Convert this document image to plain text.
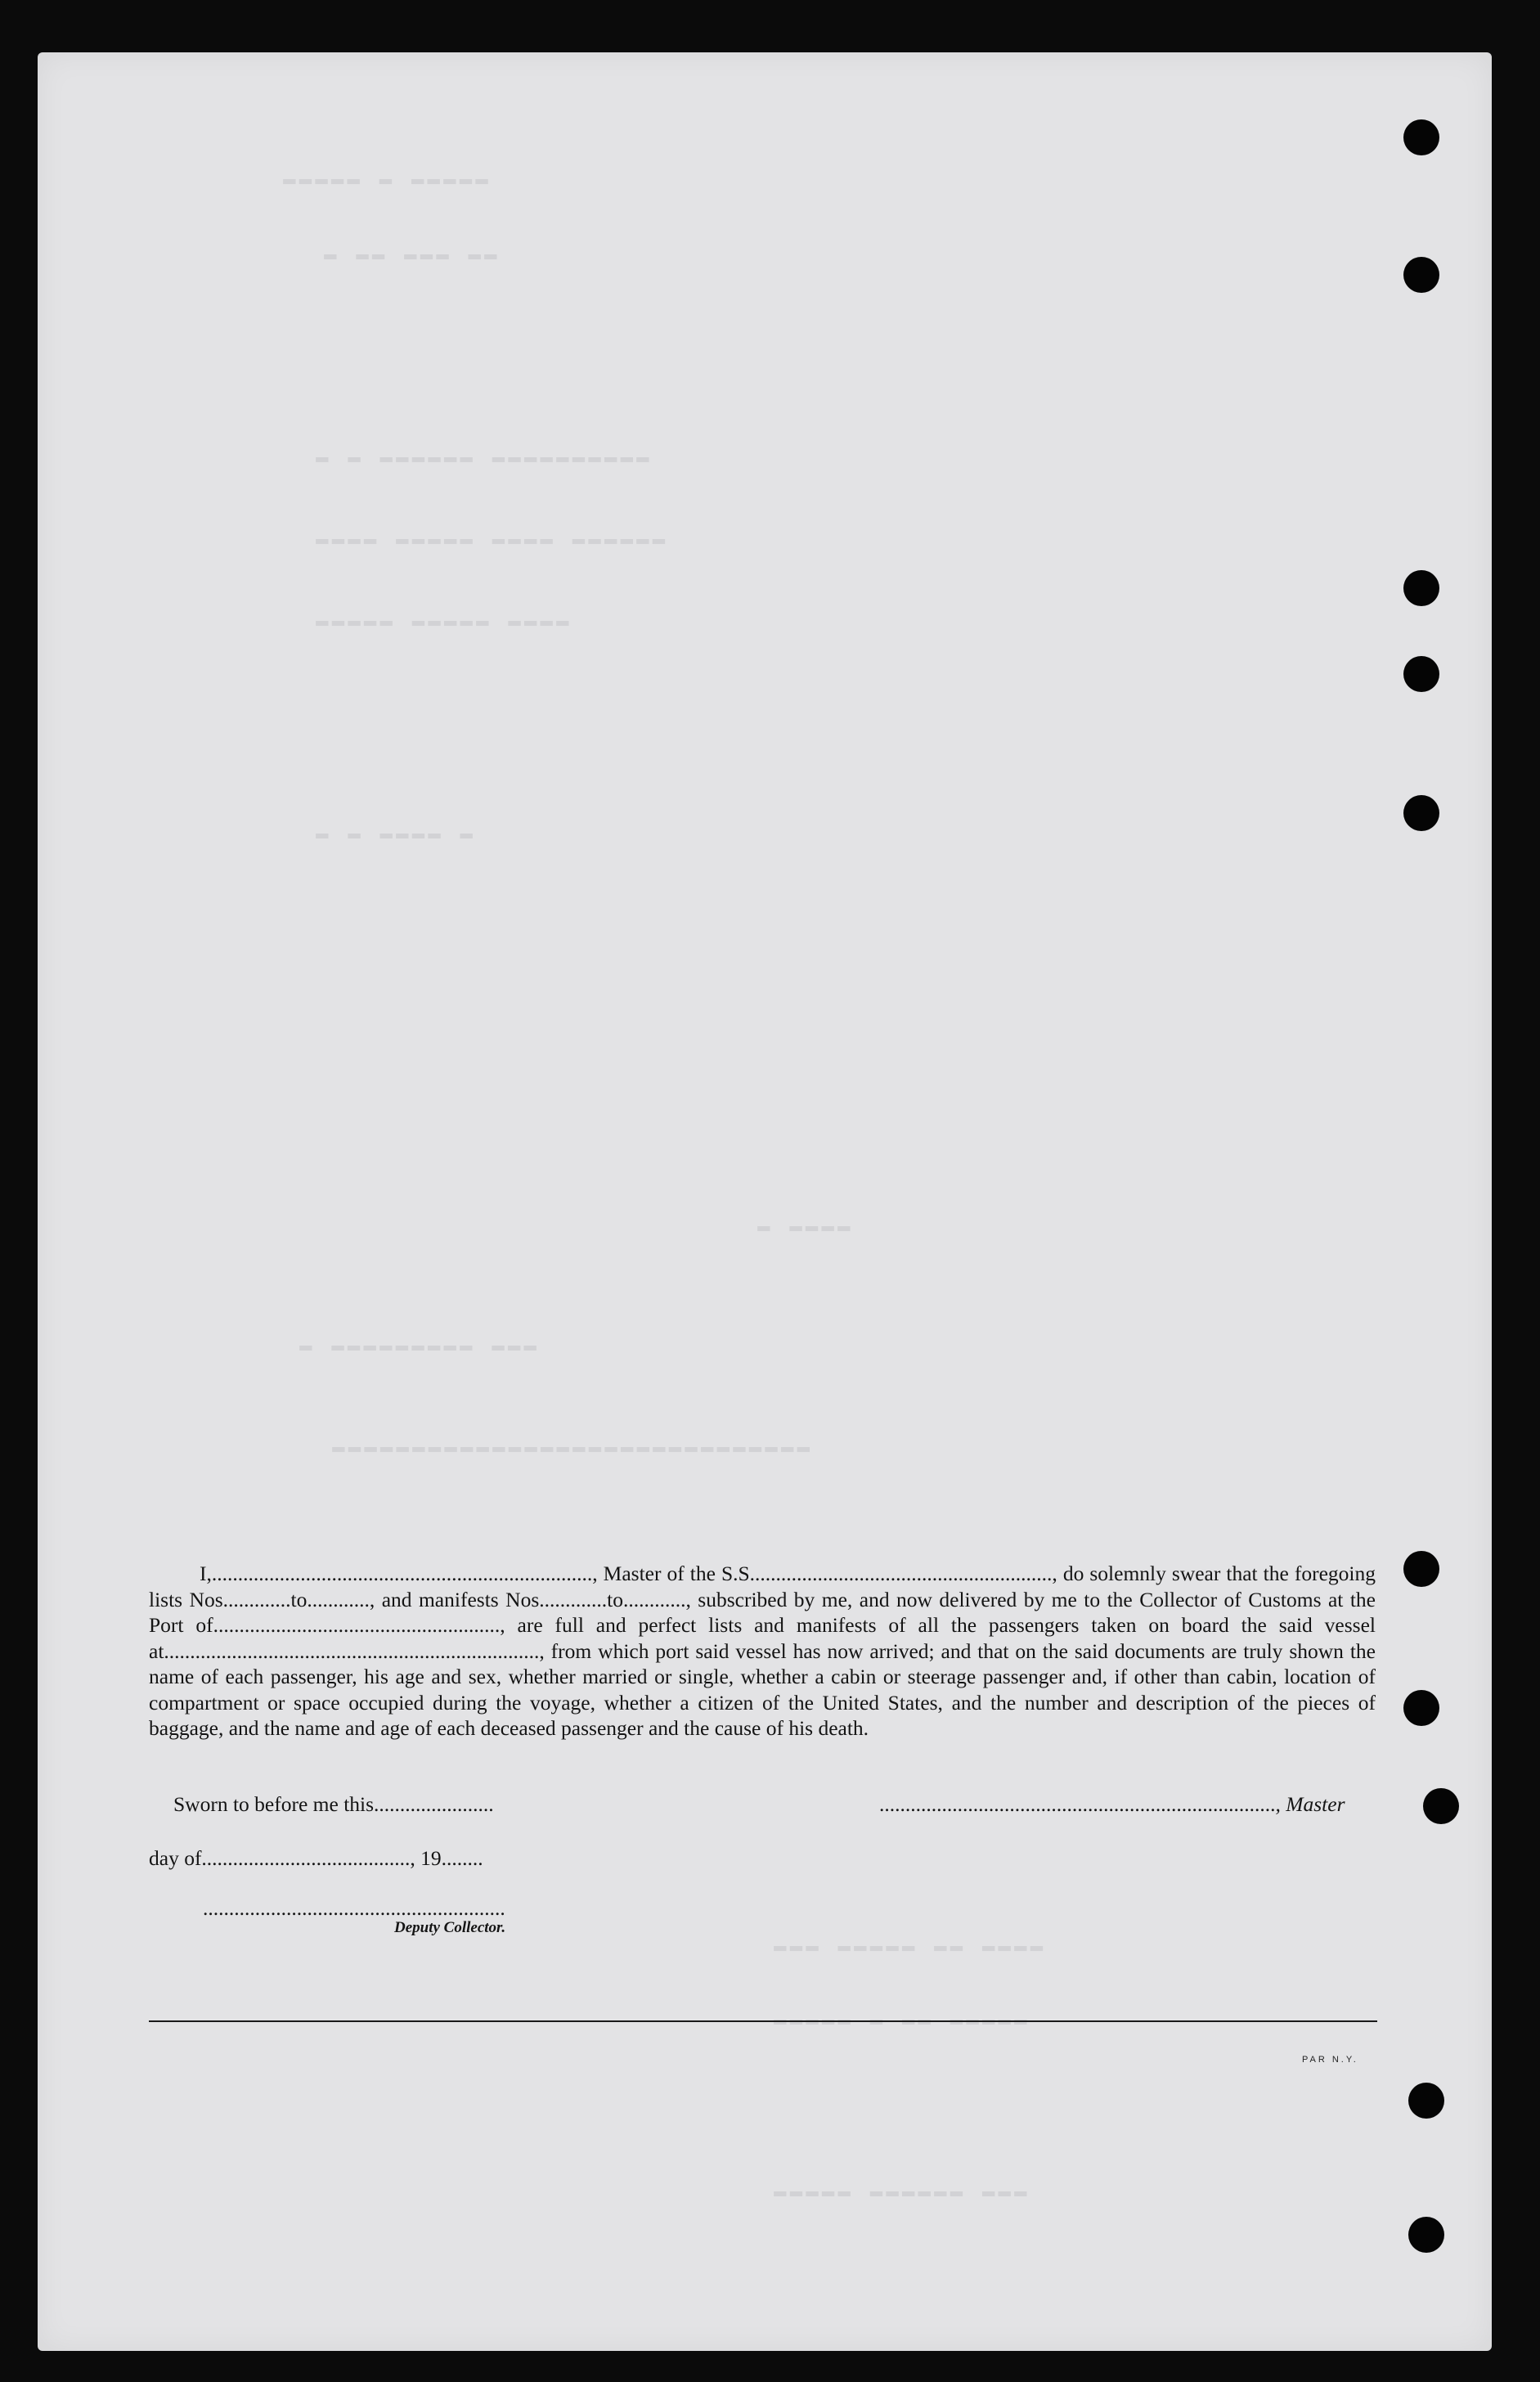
▬▬▬▬▬ ▬ ▬▬▬▬▬
▬ ▬▬ ▬▬▬ ▬▬
▬ ▬ ▬▬▬▬▬▬ ▬▬▬▬▬▬▬▬▬▬
▬▬▬▬ ▬▬▬▬▬ ▬▬▬▬ ▬▬▬▬▬▬
▬▬▬▬▬ ▬▬▬▬▬ ▬▬▬▬
▬ ▬ ▬▬▬▬ ▬
▬ ▬▬▬▬
▬ ▬▬▬▬▬▬▬▬▬ ▬▬▬
▬▬▬▬▬▬▬▬▬▬▬▬▬▬▬▬▬▬▬▬▬▬▬▬▬▬▬▬▬▬
▬▬▬ ▬▬▬▬▬ ▬▬ ▬▬▬▬
▬▬▬▬▬ ▬ ▬▬ ▬▬▬▬▬
▬▬▬▬▬ ▬▬▬▬▬▬ ▬▬▬

I,........................................................................., Master of the S.S.........................................................., do solemnly swear that the foregoing lists Nos.............to............, and manifests Nos.............to............, subscribed by me, and now delivered by me to the Collector of Customs at the Port of......................................................., are full and perfect lists and manifests of all the passengers taken on board the said vessel at........................................................................, from which port said vessel has now arrived; and that on the said documents are truly shown the name of each passenger, his age and sex, whether married or single, whether a cabin or steerage passenger and, if other than cabin, location of compartment or space occupied during the voyage, whether a citizen of the United States, and the number and description of the pieces of baggage, and the name and age of each deceased passenger and the cause of his death.

Sworn to before me this.......................	............................................................................, Master
day of........................................, 19........
..........................................................
Deputy Collector.
PAR N.Y.
